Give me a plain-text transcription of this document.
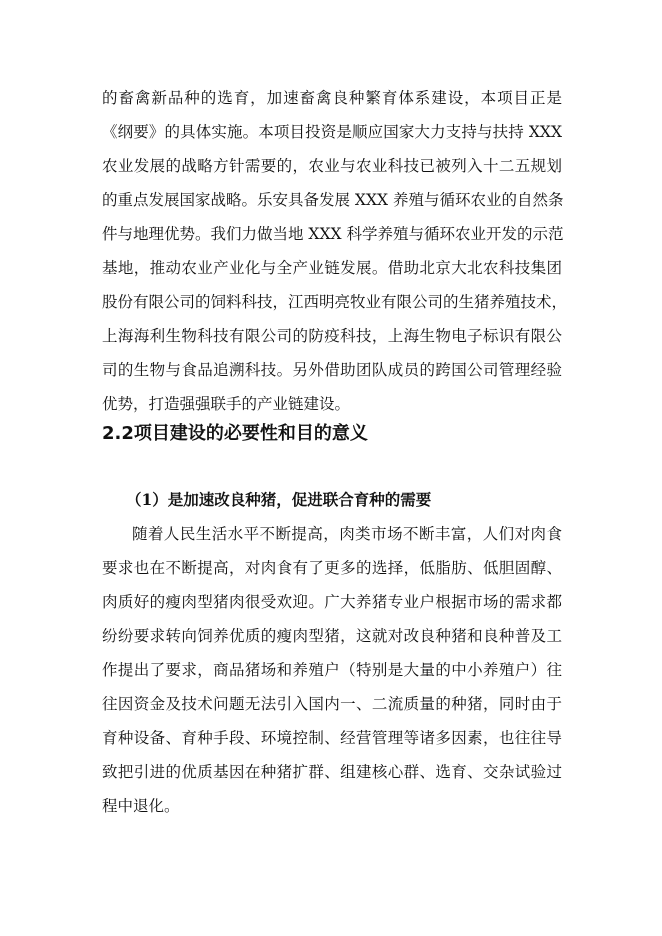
的畜禽新品种的选育，加速畜禽良种繁育体系建设，本项目正是
《纲要》的具体实施。本项目投资是顺应国家大力支持与扶持 XXX
农业发展的战略方针需要的，农业与农业科技已被列入十二五规划
的重点发展国家战略。乐安具备发展 XXX 养殖与循环农业的自然条
件与地理优势。我们力做当地 XXX 科学养殖与循环农业开发的示范
基地，推动农业产业化与全产业链发展。借助北京大北农科技集团
股份有限公司的饲料科技，江西明亮牧业有限公司的生猪养殖技术，
上海海利生物科技有限公司的防疫科技，上海生物电子标识有限公
司的生物与食品追溯科技。另外借助团队成员的跨国公司管理经验
优势，打造强强联手的产业链建设。
2.2项目建设的必要性和目的意义
（1）是加速改良种猪，促进联合育种的需要
随着人民生活水平不断提高，肉类市场不断丰富，人们对肉食
要求也在不断提高，对肉食有了更多的选择，低脂肪、低胆固醇、
肉质好的瘦肉型猪肉很受欢迎。广大养猪专业户根据市场的需求都
纷纷要求转向饲养优质的瘦肉型猪，这就对改良种猪和良种普及工
作提出了要求，商品猪场和养殖户（特别是大量的中小养殖户）往
往因资金及技术问题无法引入国内一、二流质量的种猪，同时由于
育种设备、育种手段、环境控制、经营管理等诸多因素，也往往导
致把引进的优质基因在种猪扩群、组建核心群、选育、交杂试验过
程中退化。
